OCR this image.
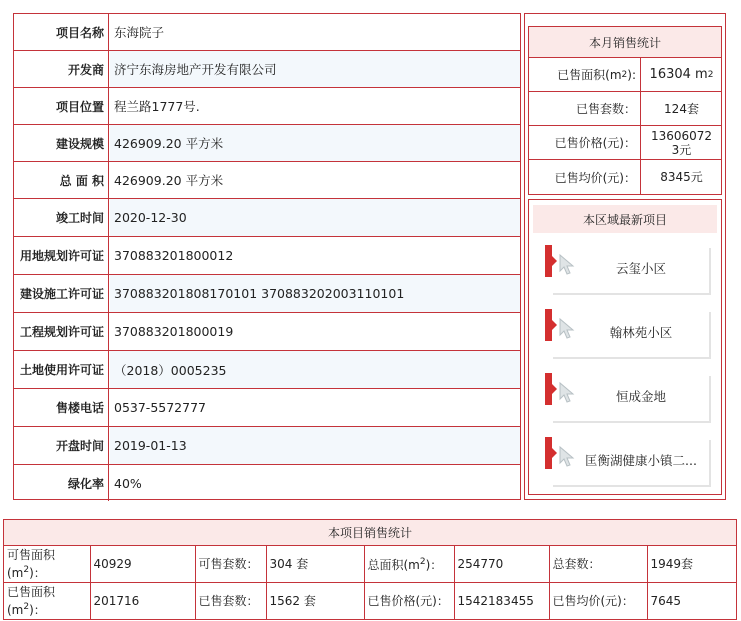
项目名称 东海院子
开发商 济宁东海房地产开发有限公司
项目位置 程兰路1777号.
建设规模 426909.20 平方米
总 面 积 426909.20 平方米
竣工时间 2020-12-30
用地规划许可证 370883201800012
建设施工许可证 370883201808170101 370883202003110101
工程规划许可证 370883201800019
土地使用许可证 （2018）0005235
售楼电话 0537-5572777
开盘时间 2019-01-13
绿化率 40%
本月销售统计
已售面积(m 2 ): 16304 m 2
已售套数：	124套
已售价格(元)：
136060723元
已售均价(元)：	8345元
本区域最新项目
云玺小区
翰林苑小区
恒成金地
匡衡湖健康小镇二...
本项目销售统计
可售面积$(m^2)$：	40929	可售套数：	304 套	总面积$(m^2)$：	254770	总套数：	1949套
已售面积$(m^2)$：	201716	已售套数：	1562 套	已售价格(元)：	1542183455	已售均价(元)：	7645
